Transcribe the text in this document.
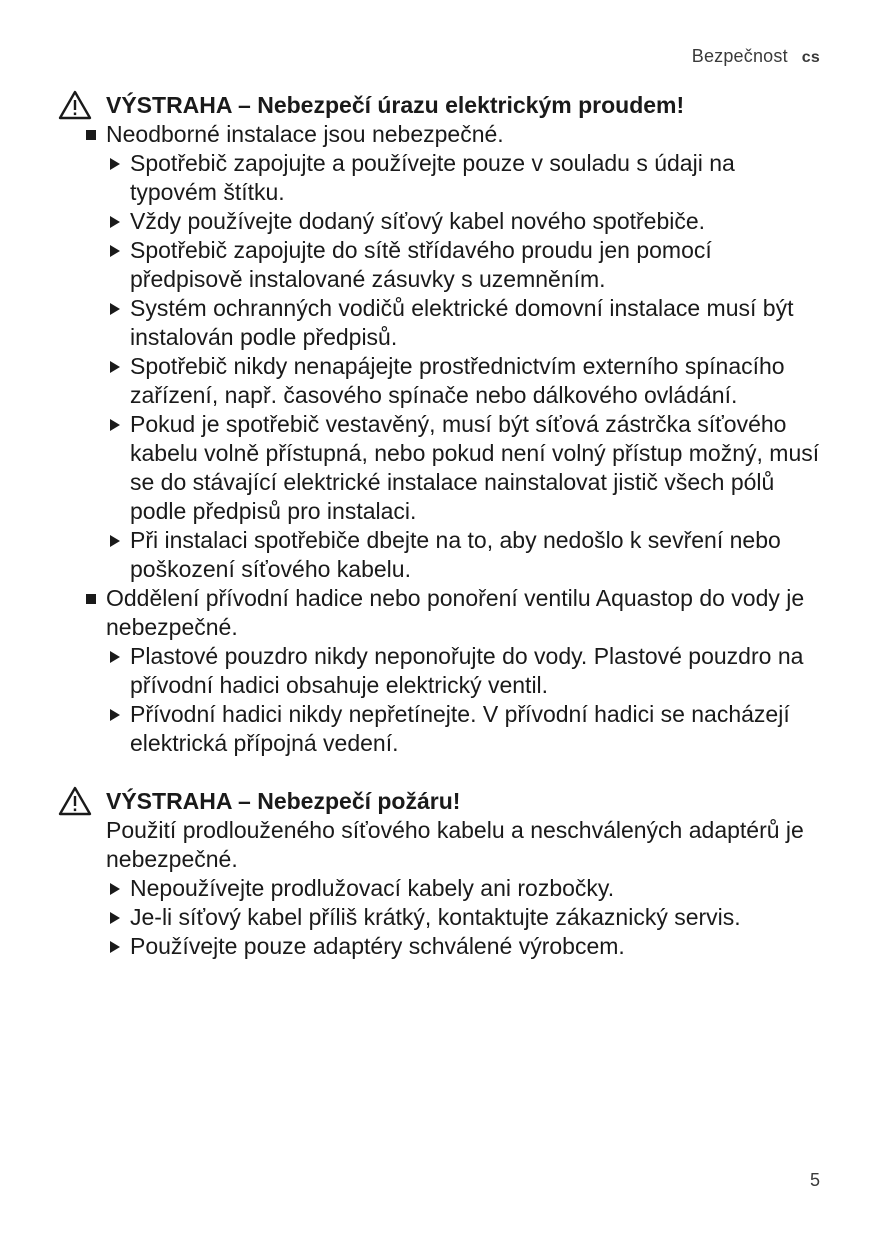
Bezpečnost cs
VÝSTRAHA – Nebezpečí úrazu elektrickým proudem!
Neodborné instalace jsou nebezpečné.
Spotřebič zapojujte a používejte pouze v souladu s údaji na typovém štítku.
Vždy používejte dodaný síťový kabel nového spotřebiče.
Spotřebič zapojujte do sítě střídavého proudu jen pomocí předpisově instalované zásuvky s uzemněním.
Systém ochranných vodičů elektrické domovní instalace musí být instalován podle předpisů.
Spotřebič nikdy nenapájejte prostřednictvím externího spínacího zařízení, např. časového spínače nebo dálkového ovládání.
Pokud je spotřebič vestavěný, musí být síťová zástrčka síťového kabelu volně přístupná, nebo pokud není volný přístup možný, musí se do stávající elektrické instalace nainstalovat jistič všech pólů podle předpisů pro instalaci.
Při instalaci spotřebiče dbejte na to, aby nedošlo k sevření nebo poškození síťového kabelu.
Oddělení přívodní hadice nebo ponoření ventilu Aquastop do vody je nebezpečné.
Plastové pouzdro nikdy neponořujte do vody. Plastové pouzdro na přívodní hadici obsahuje elektrický ventil.
Přívodní hadici nikdy nepřetínejte. V přívodní hadici se nacházejí elektrická přípojná vedení.
VÝSTRAHA – Nebezpečí požáru!
Použití prodlouženého síťového kabelu a neschválených adaptérů je nebezpečné.
Nepoužívejte prodlužovací kabely ani rozbočky.
Je-li síťový kabel příliš krátký, kontaktujte zákaznický servis.
Používejte pouze adaptéry schválené výrobcem.
5
